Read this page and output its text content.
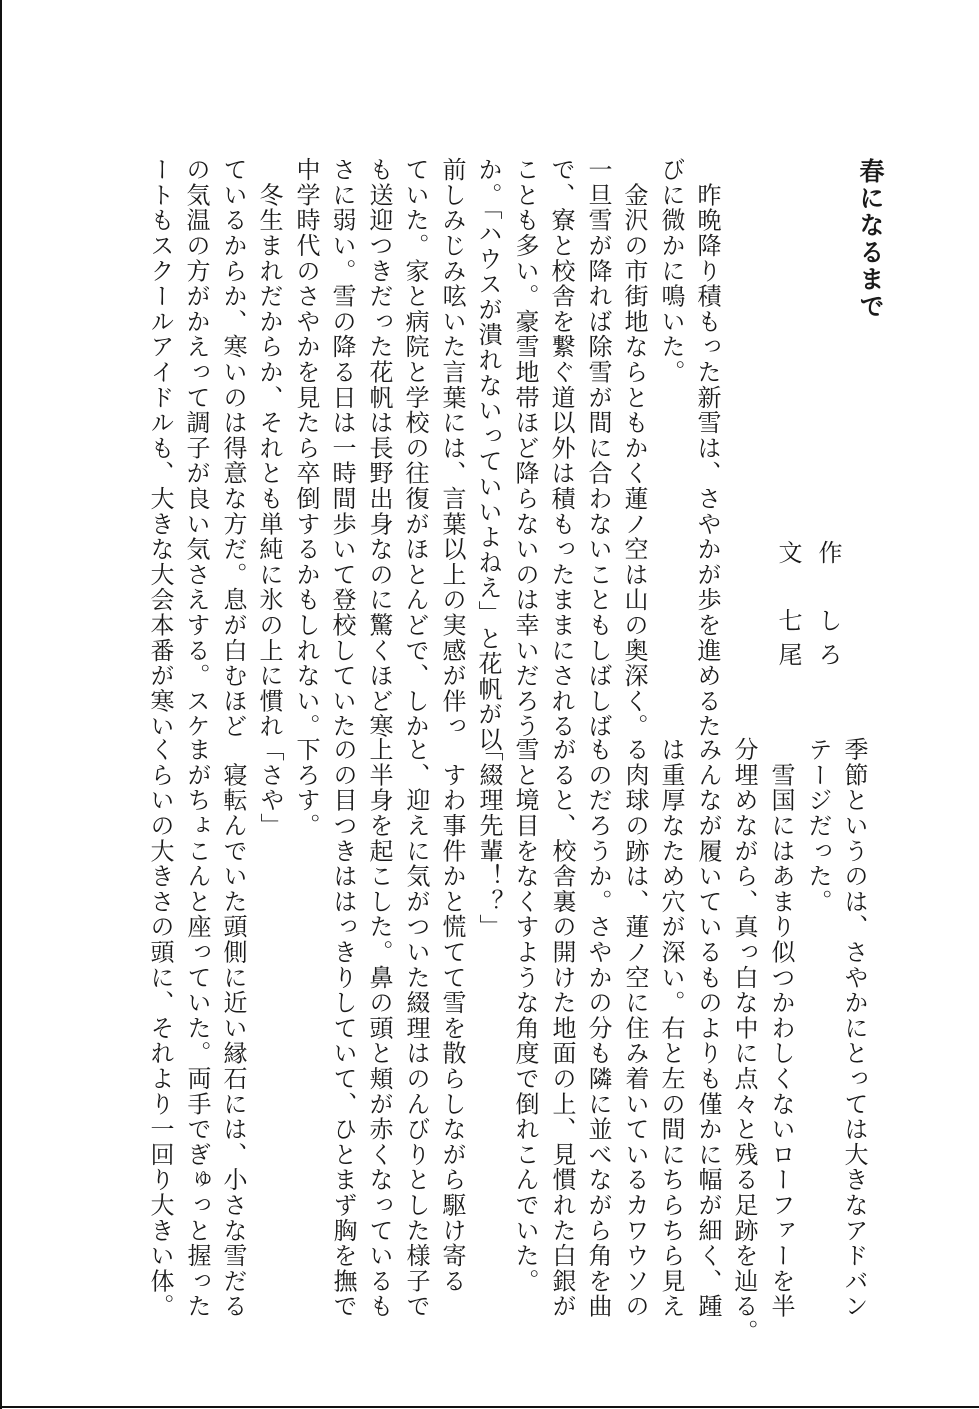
春になるまで
作　しろ
文　七尾

　昨晩降り積もった新雪は、さやかが歩を進めるた

びに微かに鳴いた。

　金沢の市街地ならともかく蓮ノ空は山の奥深く。

一旦雪が降れば除雪が間に合わないこともしばしば

で、寮と校舎を繋ぐ道以外は積もったままにされる

ことも多い。豪雪地帯ほど降らないのは幸いだろう

か。「ハウスが潰れないっていいよねえ」と花帆が以

前しみじみ呟いた言葉には、言葉以上の実感が伴っ

ていた。家と病院と学校の往復がほとんどで、しか

も送迎つきだった花帆は長野出身なのに驚くほど寒

さに弱い。雪の降る日は一時間歩いて登校していた

中学時代のさやかを見たら卒倒するかもしれない。

　冬生まれだからか、それとも単純に氷の上に慣れ

ているからか、寒いのは得意な方だ。息が白むほど

の気温の方がかえって調子が良い気さえする。スケ

ートもスクールアイドルも、大きな大会本番が寒い

季節というのは、さやかにとっては大きなアドバン

テージだった。

　雪国にはあまり似つかわしくないローファーを半

分埋めながら、真っ白な中に点々と残る足跡を辿る。

みんなが履いているものよりも僅かに幅が細く、踵

は重厚なため穴が深い。右と左の間にちらちら見え

る肉球の跡は、蓮ノ空に住み着いているカワウソの

ものだろうか。さやかの分も隣に並べながら角を曲

がると、校舎裏の開けた地面の上、見慣れた白銀が

雪と境目をなくすような角度で倒れこんでいた。

「綴理先輩！？」

　すわ事件かと慌てて雪を散らしながら駆け寄る

と、迎えに気がついた綴理はのんびりとした様子で

上半身を起こした。鼻の頭と頬が赤くなっているも

のの目つきははっきりしていて、ひとまず胸を撫で

下ろす。

「さや」

　寝転んでいた頭側に近い縁石には、小さな雪だる

まがちょこんと座っていた。両手でぎゅっと握った

くらいの大きさの頭に、それより一回り大きい体。
